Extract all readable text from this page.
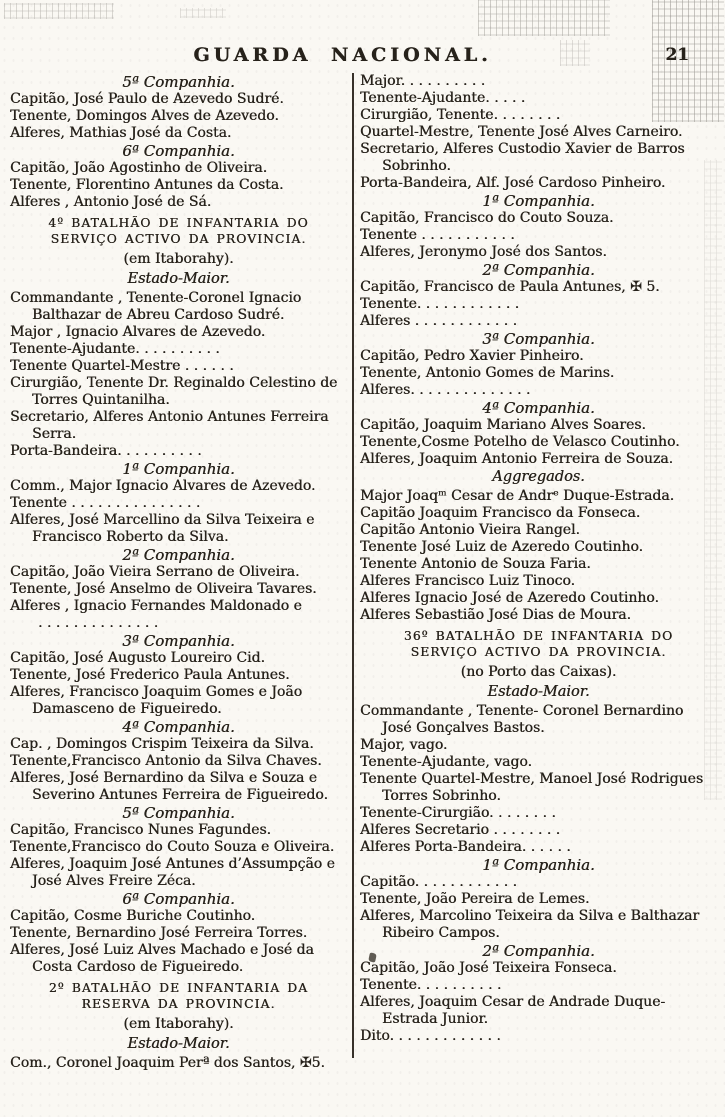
GUARDA NACIONAL.	21
5ª Companhia.
Capitão, José Paulo de Azevedo Sudré.
Tenente, Domingos Alves de Azevedo.
Alferes, Mathias José da Costa.
6ª Companhia.
Capitão, João Agostinho de Oliveira.
Tenente, Florentino Antunes da Costa.
Alferes , Antonio José de Sá.
4º BATALHÃO DE INFANTARIA DO SERVIÇO ACTIVO DA PROVINCIA.
(em Itaborahy).
Estado-Maior.
Commandante , Tenente-Coronel Ignacio Balthazar de Abreu Cardoso Sudré.
Major , Ignacio Alvares de Azevedo.
Tenente-Ajudante. . . . . . . . . .
Tenente Quartel-Mestre . . . . . .
Cirurgião, Tenente Dr. Reginaldo Celestino de Torres Quintanilha.
Secretario, Alferes Antonio Antunes Ferreira Serra.
Porta-Bandeira. . . . . . . . . .
1ª Companhia.
Comm., Major Ignacio Alvares de Azevedo.
Tenente . . . . . . . . . . . . . . .
Alferes, José Marcellino da Silva Teixeira e Francisco Roberto da Silva.
2ª Companhia.
Capitão, João Vieira Serrano de Oliveira.
Tenente, José Anselmo de Oliveira Tavares.
Alferes , Ignacio Fernandes Maldonado e
. . . . . . . . . . . . . .
3ª Companhia.
Capitão, José Augusto Loureiro Cid.
Tenente, José Frederico Paula Antunes.
Alferes, Francisco Joaquim Gomes e João Damasceno de Figueiredo.
4ª Companhia.
Cap. , Domingos Crispim Teixeira da Silva.
Tenente,Francisco Antonio da Silva Chaves.
Alferes, José Bernardino da Silva e Souza e Severino Antunes Ferreira de Figueiredo.
5ª Companhia.
Capitão, Francisco Nunes Fagundes.
Tenente,Francisco do Couto Souza e Oliveira.
Alferes, Joaquim José Antunes d’Assumpção e José Alves Freire Zéca.
6ª Companhia.
Capitão, Cosme Buriche Coutinho.
Tenente, Bernardino José Ferreira Torres.
Alferes, José Luiz Alves Machado e José da Costa Cardoso de Figueiredo.
2º BATALHÃO DE INFANTARIA DA RESERVA DA PROVINCIA.
(em Itaborahy).
Estado-Maior.
Com., Coronel Joaquim Perª dos Santos, ✠5.
Major. . . . . . . . . .
Tenente-Ajudante. . . . .
Cirurgião, Tenente. . . . . . . .
Quartel-Mestre, Tenente José Alves Carneiro.
Secretario, Alferes Custodio Xavier de Barros Sobrinho.
Porta-Bandeira, Alf. José Cardoso Pinheiro.
1ª Companhia.
Capitão, Francisco do Couto Souza.
Tenente . . . . . . . . . . .
Alferes, Jeronymo José dos Santos.
2ª Companhia.
Capitão, Francisco de Paula Antunes, ✠ 5.
Tenente. . . . . . . . . . . .
Alferes . . . . . . . . . . . .
3ª Companhia.
Capitão, Pedro Xavier Pinheiro.
Tenente, Antonio Gomes de Marins.
Alferes. . . . . . . . . . . . . .
4ª Companhia.
Capitão, Joaquim Mariano Alves Soares.
Tenente,Cosme Potelho de Velasco Coutinho.
Alferes, Joaquim Antonio Ferreira de Souza.
Aggregados.
Major Joaqᵐ Cesar de Andrᵉ Duque-Estrada.
Capitão Joaquim Francisco da Fonseca.
Capitão Antonio Vieira Rangel.
Tenente José Luiz de Azeredo Coutinho.
Tenente Antonio de Souza Faria.
Alferes Francisco Luiz Tinoco.
Alferes Ignacio José de Azeredo Coutinho.
Alferes Sebastião José Dias de Moura.
36º BATALHÃO DE INFANTARIA DO SERVIÇO ACTIVO DA PROVINCIA.
(no Porto das Caixas).
Estado-Maior.
Commandante , Tenente- Coronel Bernardino José Gonçalves Bastos.
Major, vago.
Tenente-Ajudante, vago.
Tenente Quartel-Mestre, Manoel José Rodrigues Torres Sobrinho.
Tenente-Cirurgião. . . . . . . .
Alferes Secretario . . . . . . . .
Alferes Porta-Bandeira. . . . . .
1ª Companhia.
Capitão. . . . . . . . . . . .
Tenente, João Pereira de Lemes.
Alferes, Marcolino Teixeira da Silva e Balthazar Ribeiro Campos.
2ª Companhia.
Capitão, João José Teixeira Fonseca.
Tenente. . . . . . . . . .
Alferes, Joaquim Cesar de Andrade Duque-Estrada Junior.
Dito. . . . . . . . . . . . .
